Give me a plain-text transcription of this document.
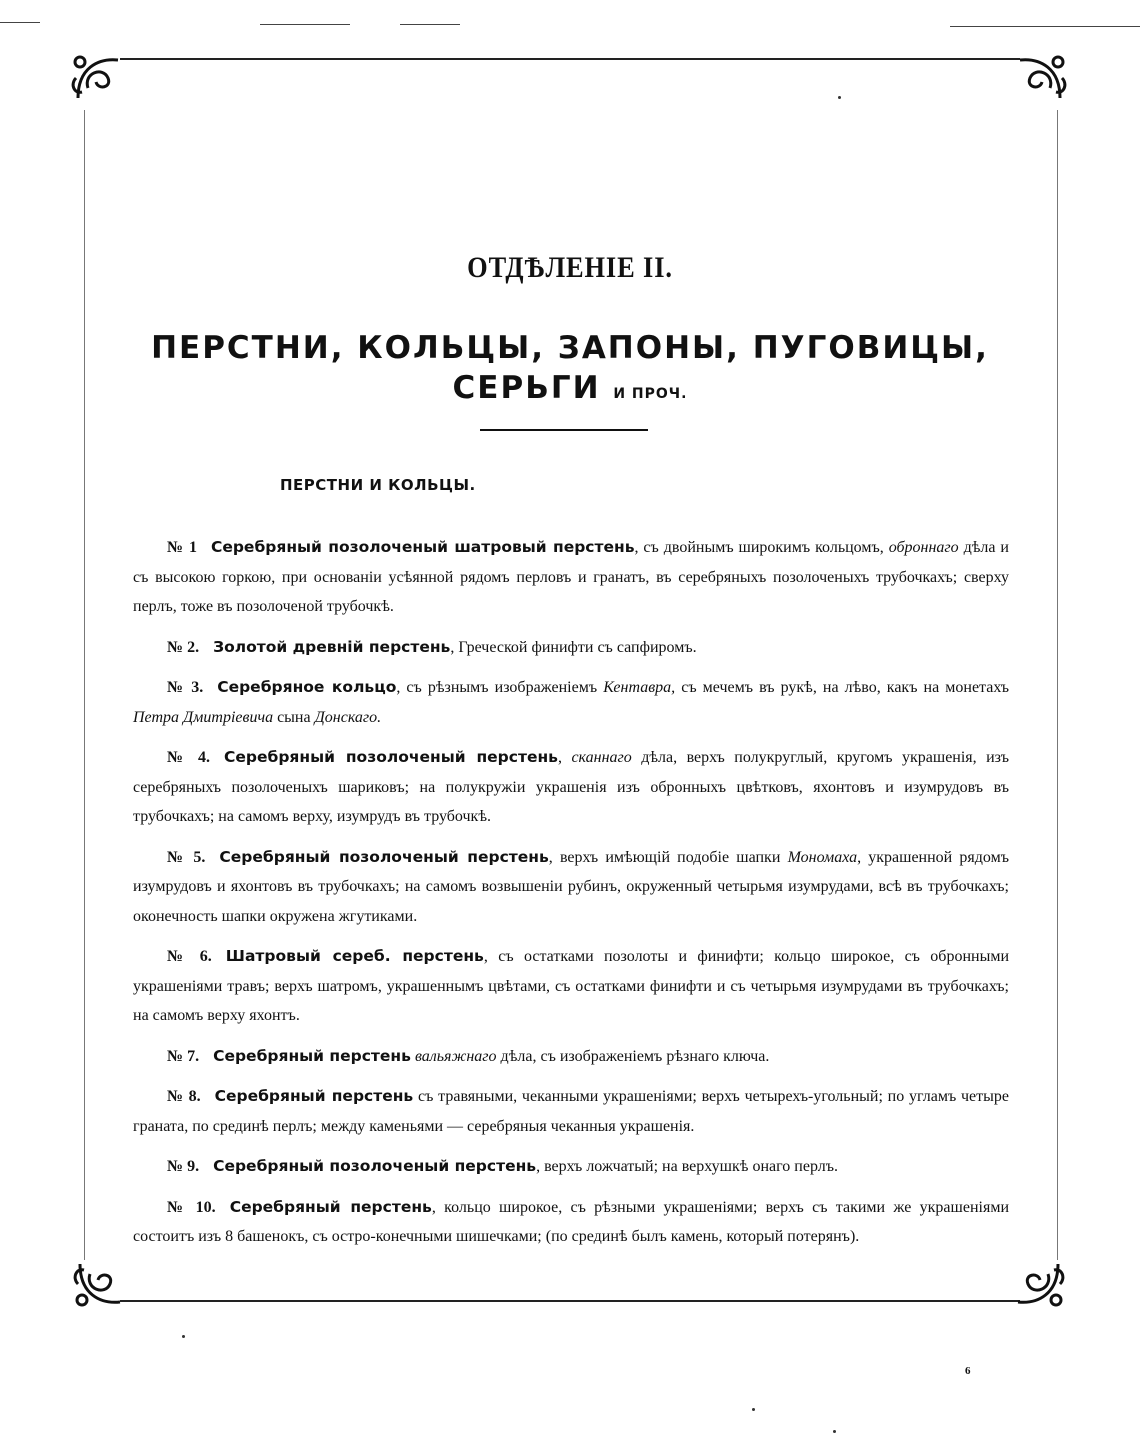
ОТДѢЛЕНІЕ II.
ПЕРСТНИ, КОЛЬЦЫ, ЗАПОНЫ, ПУГОВИЦЫ,
СЕРЬГИ И ПРОЧ.
ПЕРСТНИ И КОЛЬЦЫ.
№ 1 Серебряный позолоченый шатровый перстень, съ двойнымъ широкимъ кольцомъ, оброннаго дѣла и съ высокою горкою, при основаніи усѣянной рядомъ перловъ и гранатъ, въ серебряныхъ позолоченыхъ трубочкахъ; сверху перлъ, тоже въ позолоченой трубочкѣ.
№ 2. Золотой древній перстень, Греческой финифти съ сапфиромъ.
№ 3. Серебряное кольцо, съ рѣзнымъ изображеніемъ Кентавра, съ мечемъ въ рукѣ, на лѣво, какъ на монетахъ Петра Дмитріевича сына Донскаго.
№ 4. Серебряный позолоченый перстень, сканнаго дѣла, верхъ полукруглый, кругомъ украшенія, изъ серебряныхъ позолоченыхъ шариковъ; на полукружіи украшенія изъ обронныхъ цвѣтковъ, яхонтовъ и изумрудовъ въ трубочкахъ; на самомъ верху, изумрудъ въ трубочкѣ.
№ 5. Серебряный позолоченый перстень, верхъ имѣющій подобіе шапки Мономаха, украшенной рядомъ изумрудовъ и яхонтовъ въ трубочкахъ; на самомъ возвышеніи рубинъ, окруженный четырьмя изумрудами, всѣ въ трубочкахъ; оконечность шапки окружена жгутиками.
№ 6. Шатровый сереб. перстень, съ остатками позолоты и финифти; кольцо широкое, съ обронными украшеніями травъ; верхъ шатромъ, украшеннымъ цвѣтами, съ остатками финифти и съ четырьмя изумрудами въ трубочкахъ; на самомъ верху яхонтъ.
№ 7. Серебряный перстень вальяжнаго дѣла, съ изображеніемъ рѣзнаго ключа.
№ 8. Серебряный перстень съ травяными, чеканными украшеніями; верхъ четырехъ-угольный; по угламъ четыре граната, по срединѣ перлъ; между каменьями — серебряныя чеканныя украшенія.
№ 9. Серебряный позолоченый перстень, верхъ ложчатый; на верхушкѣ онаго перлъ.
№ 10. Серебряный перстень, кольцо широкое, съ рѣзными украшеніями; верхъ съ такими же украшеніями состоитъ изъ 8 башенокъ, съ остро-конечными шишечками; (по срединѣ былъ камень, который потерянъ).
6
